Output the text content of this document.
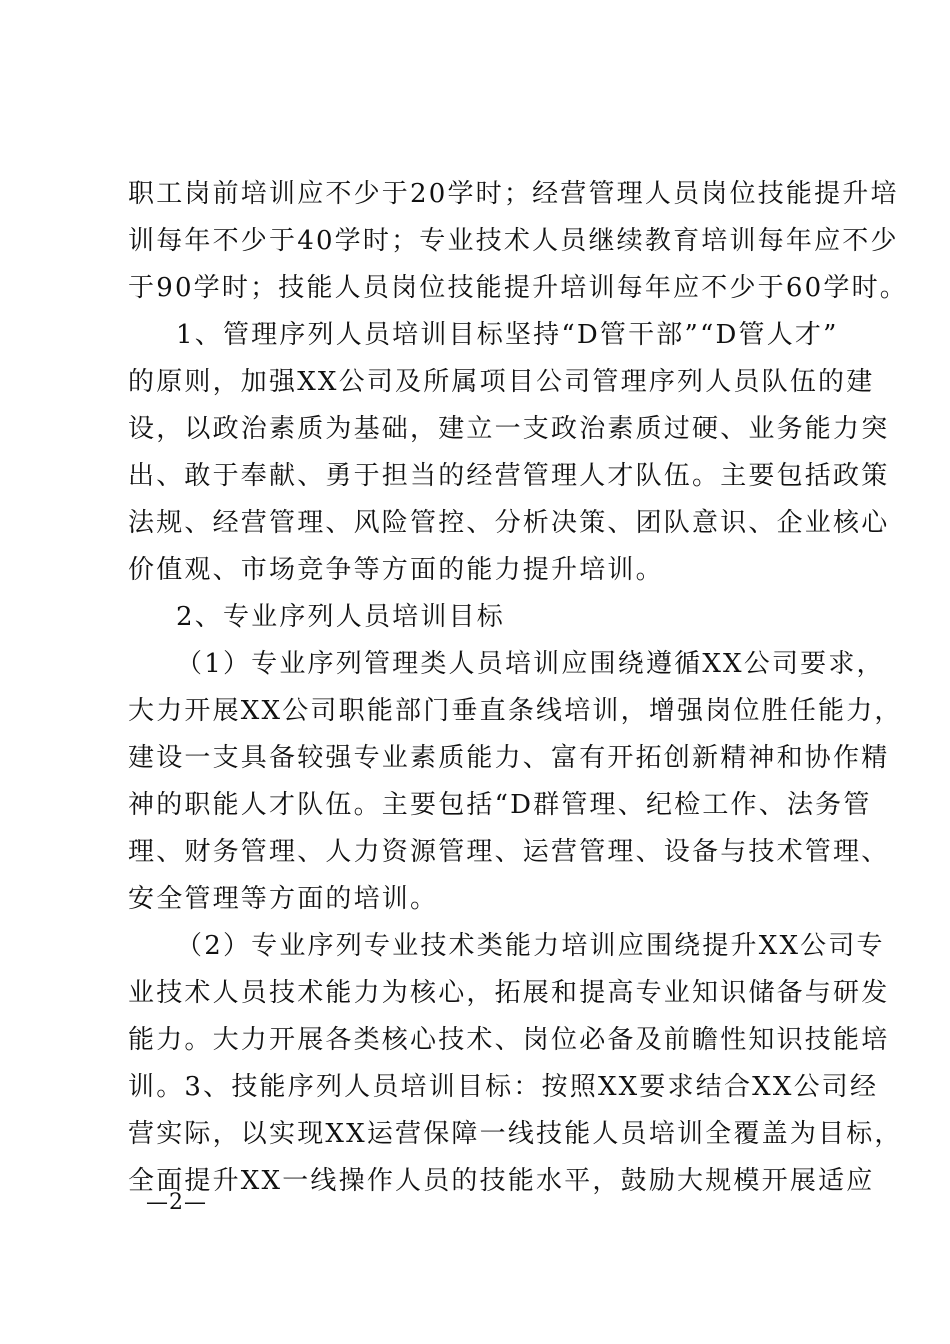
职工岗前培训应不少于20学时；经营管理人员岗位技能提升培
训每年不少于40学时；专业技术人员继续教育培训每年应不少
于90学时；技能人员岗位技能提升培训每年应不少于60学时。
1、管理序列人员培训目标坚持“D管干部”“D管人才”
的原则，加强XX公司及所属项目公司管理序列人员队伍的建
设，以政治素质为基础，建立一支政治素质过硬、业务能力突
出、敢于奉献、勇于担当的经营管理人才队伍。主要包括政策
法规、经营管理、风险管控、分析决策、团队意识、企业核心
价值观、市场竞争等方面的能力提升培训。
2、专业序列人员培训目标
（1）专业序列管理类人员培训应围绕遵循XX公司要求，
大力开展XX公司职能部门垂直条线培训，增强岗位胜任能力，
建设一支具备较强专业素质能力、富有开拓创新精神和协作精
神的职能人才队伍。主要包括“D群管理、纪检工作、法务管
理、财务管理、人力资源管理、运营管理、设备与技术管理、
安全管理等方面的培训。
（2）专业序列专业技术类能力培训应围绕提升XX公司专
业技术人员技术能力为核心，拓展和提高专业知识储备与研发
能力。大力开展各类核心技术、岗位必备及前瞻性知识技能培
训。3、技能序列人员培训目标：按照XX要求结合XX公司经
营实际，以实现XX运营保障一线技能人员培训全覆盖为目标，
全面提升XX一线操作人员的技能水平，鼓励大规模开展适应
—2—
